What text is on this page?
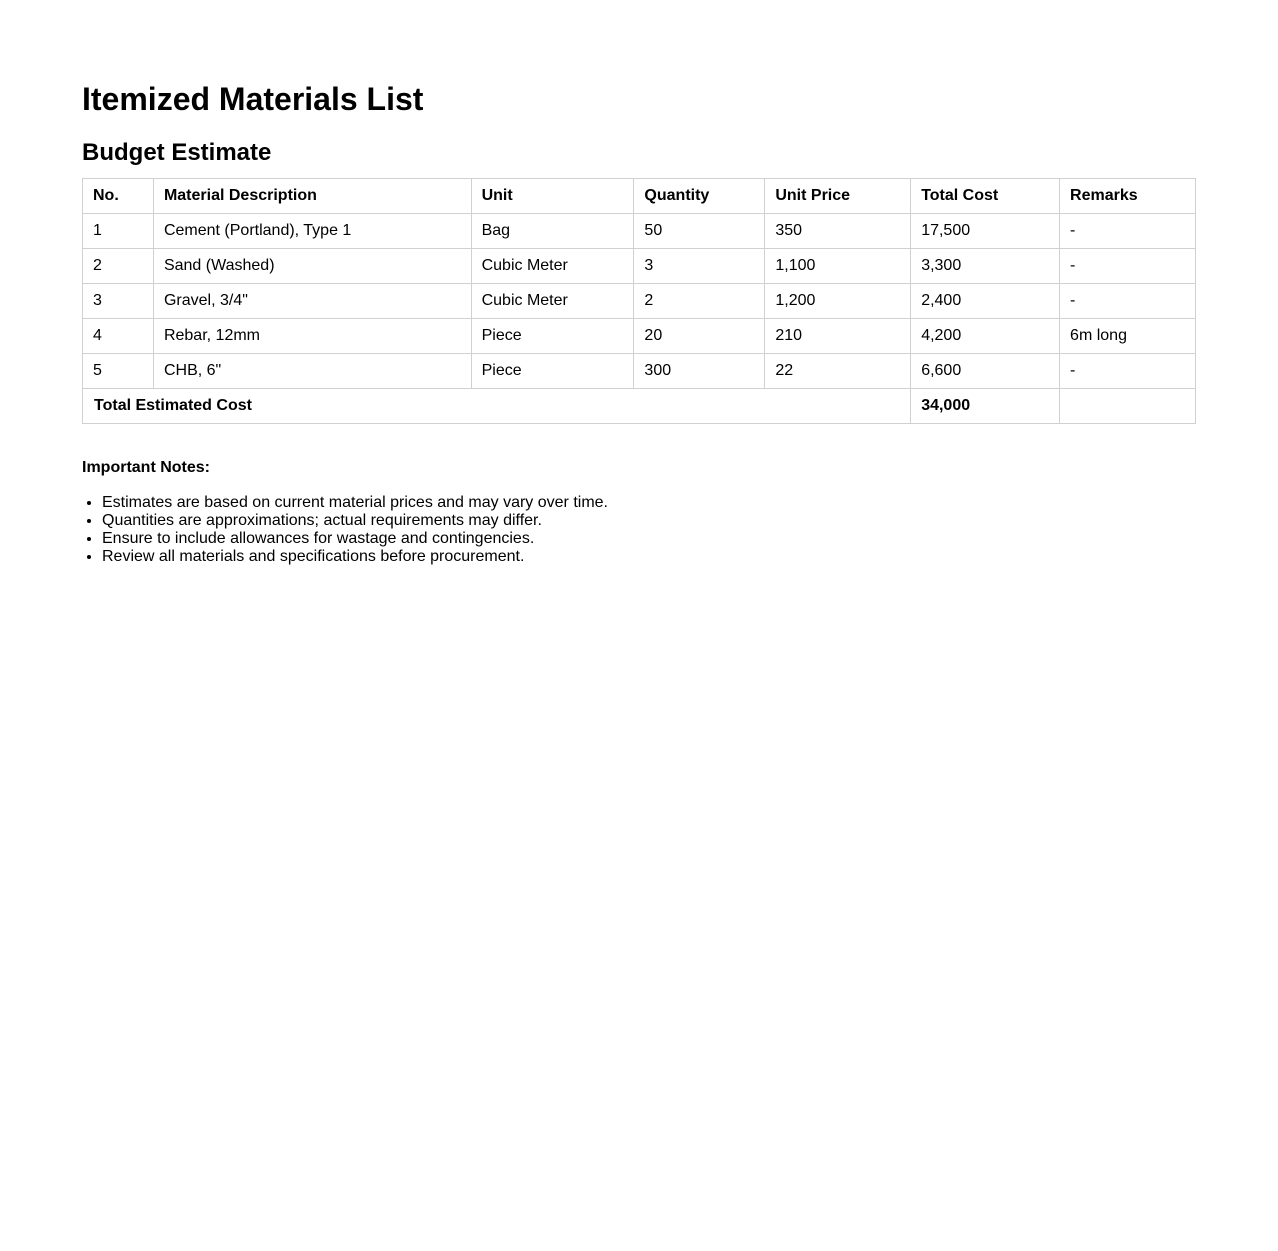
Itemized Materials List
Budget Estimate
No.	Material Description	Unit	Quantity	Unit Price	Total Cost	Remarks
1	Cement (Portland), Type 1	Bag	50	350	17,500	-
2	Sand (Washed)	Cubic Meter	3	1,100	3,300	-
3	Gravel, 3/4"	Cubic Meter	2	1,200	2,400	-
4	Rebar, 12mm	Piece	20	210	4,200	6m long
5	CHB, 6"	Piece	300	22	6,600	-
Total Estimated Cost					34,000	

Important Notes:

• Estimates are based on current material prices and may vary over time.
• Quantities are approximations; actual requirements may differ.
• Ensure to include allowances for wastage and contingencies.
• Review all materials and specifications before procurement.
